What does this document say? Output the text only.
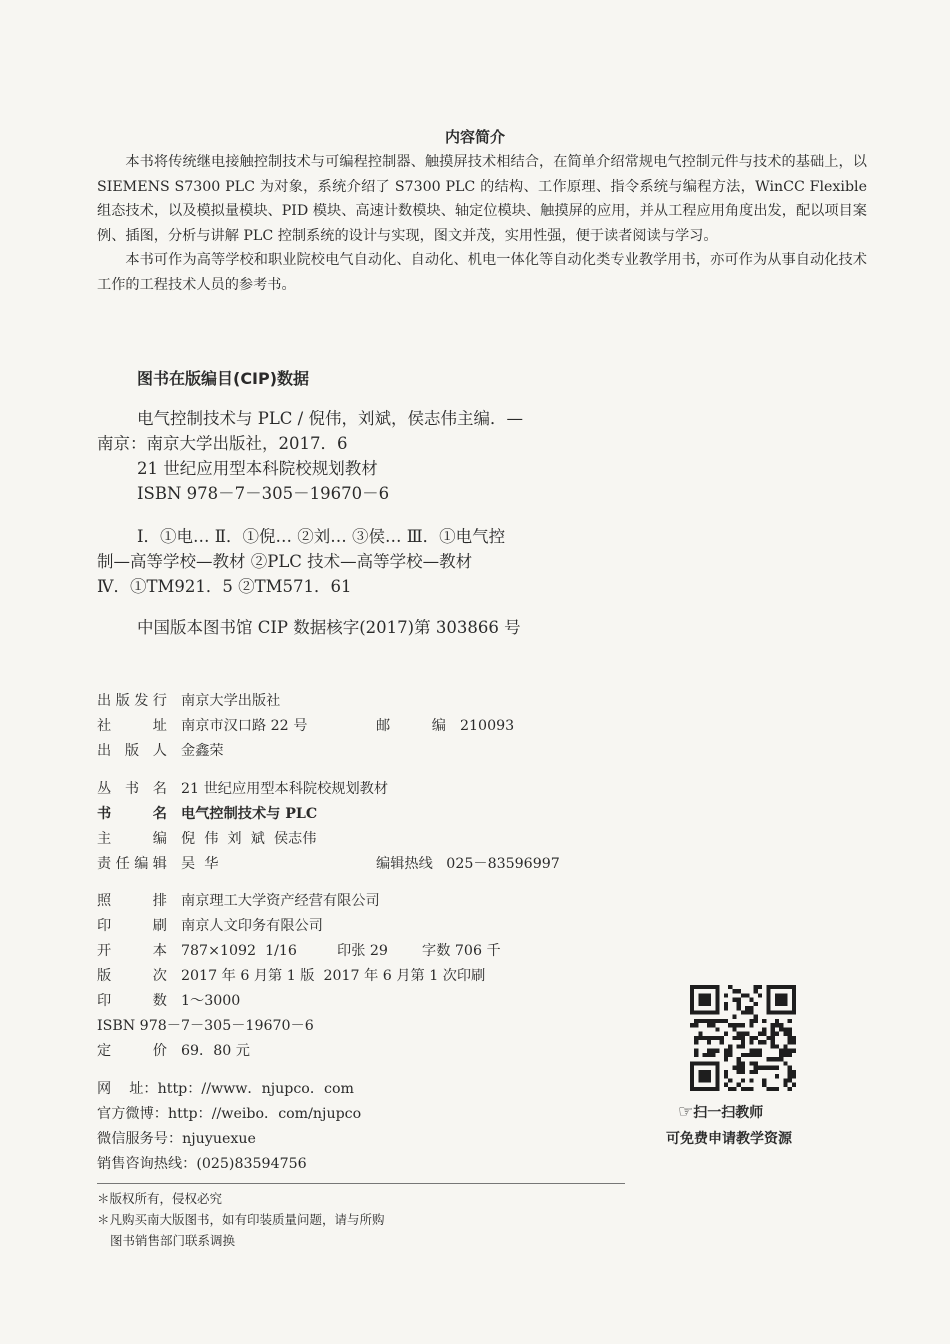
内容简介

本书将传统继电接触控制技术与可编程控制器、触摸屏技术相结合，在简单介绍常规电气控制元件与技术的基础上，以 SIEMENS S7300 PLC 为对象，系统介绍了 S7300 PLC 的结构、工作原理、指令系统与编程方法，WinCC Flexible 组态技术，以及模拟量模块、PID 模块、高速计数模块、轴定位模块、触摸屏的应用，并从工程应用角度出发，配以项目案例、插图，分析与讲解 PLC 控制系统的设计与实现，图文并茂，实用性强，便于读者阅读与学习。

本书可作为高等学校和职业院校电气自动化、自动化、机电一体化等自动化类专业教学用书，亦可作为从事自动化技术工作的工程技术人员的参考书。

图书在版编目(CIP)数据
电气控制技术与 PLC / 倪伟，刘斌，侯志伟主编．—
南京：南京大学出版社，2017．6
21 世纪应用型本科院校规划教材
ISBN 978－7－305－19670－6
Ⅰ．①电… Ⅱ．①倪… ②刘… ③侯… Ⅲ．①电气控
制—高等学校—教材 ②PLC 技术—高等学校—教材
Ⅳ．①TM921．5 ②TM571．61
中国版本图书馆 CIP 数据核字(2017)第 303866 号
出版发行 南京大学出版社
社址 南京市汉口路 22 号	邮编 210093
出版人 金鑫荣
丛书名 21 世纪应用型本科院校规划教材
书名 电气控制技术与 PLC
主编 倪  伟  刘  斌  侯志伟
责任编辑 吴  华	编辑热线 025－83596997
照排 南京理工大学资产经营有限公司
印刷 南京人文印务有限公司
开本 787×1092  1/16	印张 29 字数 706 千
版次 2017 年 6 月第 1 版  2017 年 6 月第 1 次印刷
印数 1～3000
ISBN 978－7－305－19670－6
定价 69．80 元
网    址：http：//www．njupco．com
官方微博：http：//weibo．com/njupco
微信服务号：njuyuexue
销售咨询热线：(025)83594756
＊版权所有，侵权必究
＊凡购买南大版图书，如有印装质量问题，请与所购
图书销售部门联系调换
☞扫一扫教师
可免费申请教学资源
